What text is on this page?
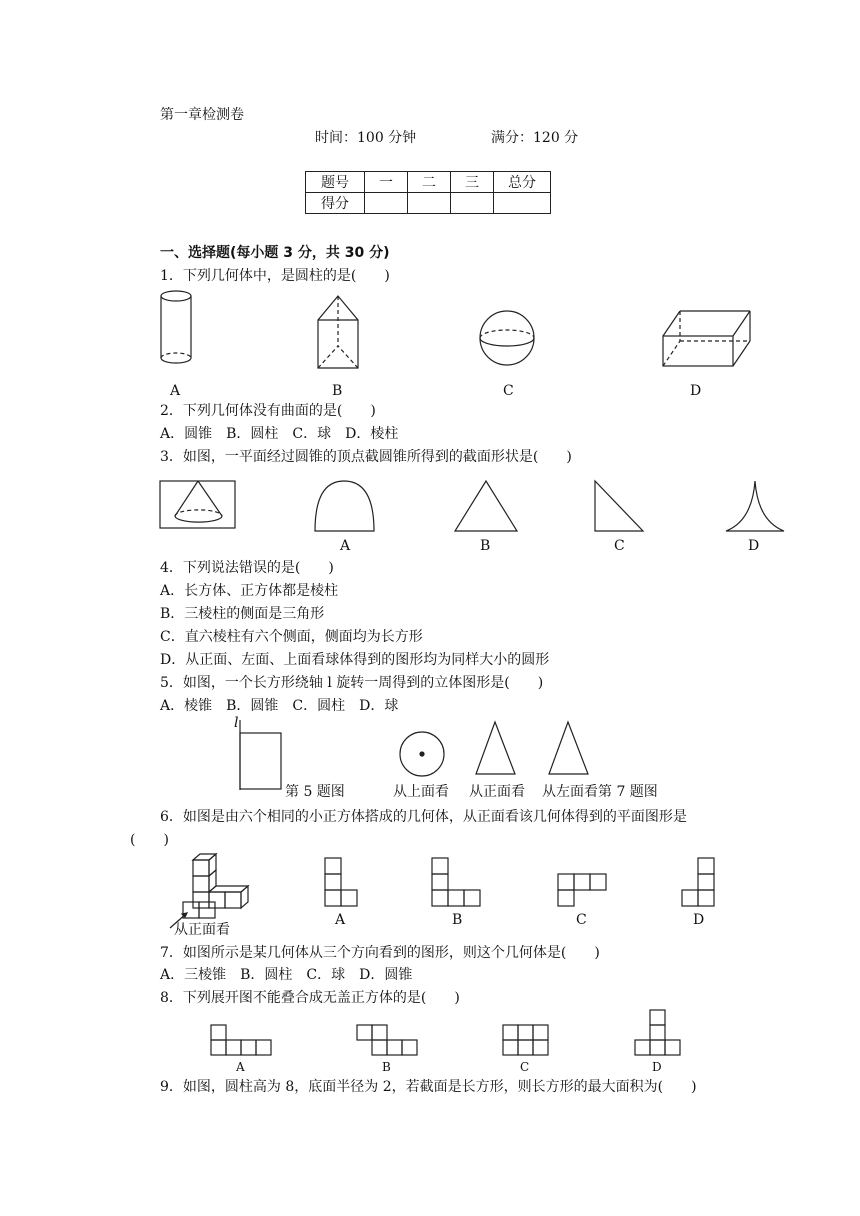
第一章检测卷
时间：100 分钟	满分：120 分
题号	一	二	三	总分
得分				
一、选择题(每小题 3 分，共 30 分)
1．下列几何体中，是圆柱的是(　　)
A	B	C	D
2．下列几何体没有曲面的是(　　)
A．圆锥　B．圆柱　C．球　D．棱柱
3．如图，一平面经过圆锥的顶点截圆锥所得到的截面形状是(　　)
A	B	C	D
4．下列说法错误的是(　　)
A．长方体、正方体都是棱柱
B．三棱柱的侧面是三角形
C．直六棱柱有六个侧面，侧面均为长方形
D．从正面、左面、上面看球体得到的图形均为同样大小的圆形
5．如图，一个长方形绕轴 l 旋转一周得到的立体图形是(　　)
A．棱锥　B．圆锥　C．圆柱　D．球
l
第 5 题图	从上面看 从正面看 从左面看 第 7 题图
6．如图是由六个相同的小正方体搭成的几何体，从正面看该几何体得到的平面图形是
(　　)
从正面看
A	B	C	D
7．如图所示是某几何体从三个方向看到的图形，则这个几何体是(　　)
A．三棱锥　B．圆柱　C．球　D．圆锥
8．下列展开图不能叠合成无盖正方体的是(　　)
A	B	C	D
9．如图，圆柱高为 8，底面半径为 2，若截面是长方形，则长方形的最大面积为(　　)
